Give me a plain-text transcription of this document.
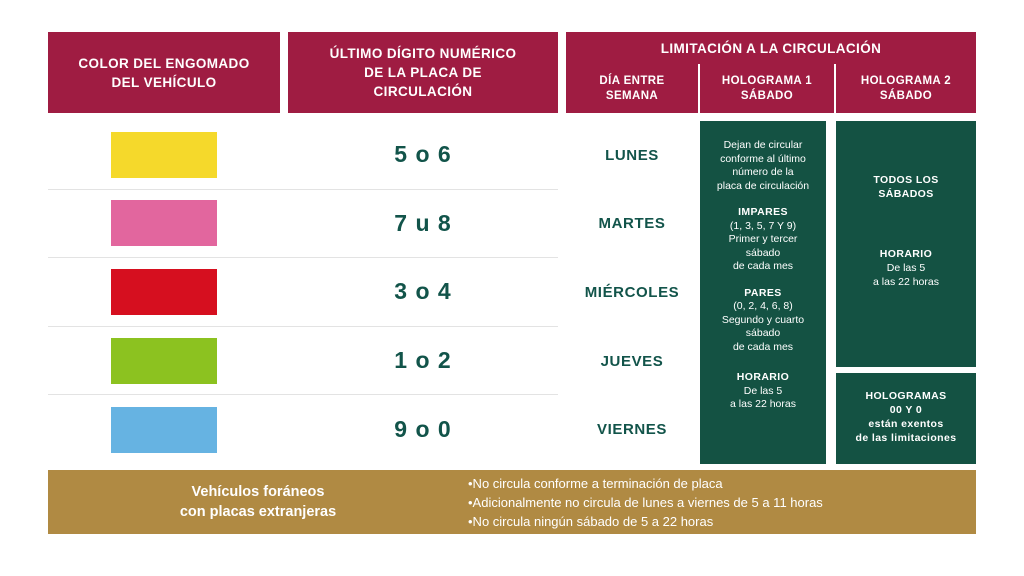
COLOR DEL ENGOMADO
DEL VEHÍCULO
ÚLTIMO DÍGITO NUMÉRICO
DE LA PLACA DE
CIRCULACIÓN
LIMITACIÓN A LA CIRCULACIÓN
DÍA ENTRE
SEMANA
HOLOGRAMA 1
SÁBADO
HOLOGRAMA 2
SÁBADO
5 o 6
7 u 8
3 o 4
1 o 2
9 o 0
LUNES
MARTES
MIÉRCOLES
JUEVES
VIERNES
Dejan de circular
conforme al último
número de la
placa de circulación
IMPARES
(1, 3, 5, 7 Y 9)
Primer y tercer
sábado
de cada mes
PARES
(0, 2, 4, 6, 8)
Segundo y cuarto
sábado
de cada mes
HORARIO
De las 5
a las 22 horas
TODOS LOS
SÁBADOS
HORARIO
De las 5
a las 22 horas
HOLOGRAMAS
00 Y 0
están exentos
de las limitaciones
Vehículos foráneos
con placas extranjeras
•No circula conforme a terminación de placa
•Adicionalmente no circula de lunes a viernes de 5 a 11 horas
•No circula ningún sábado de 5 a 22 horas
